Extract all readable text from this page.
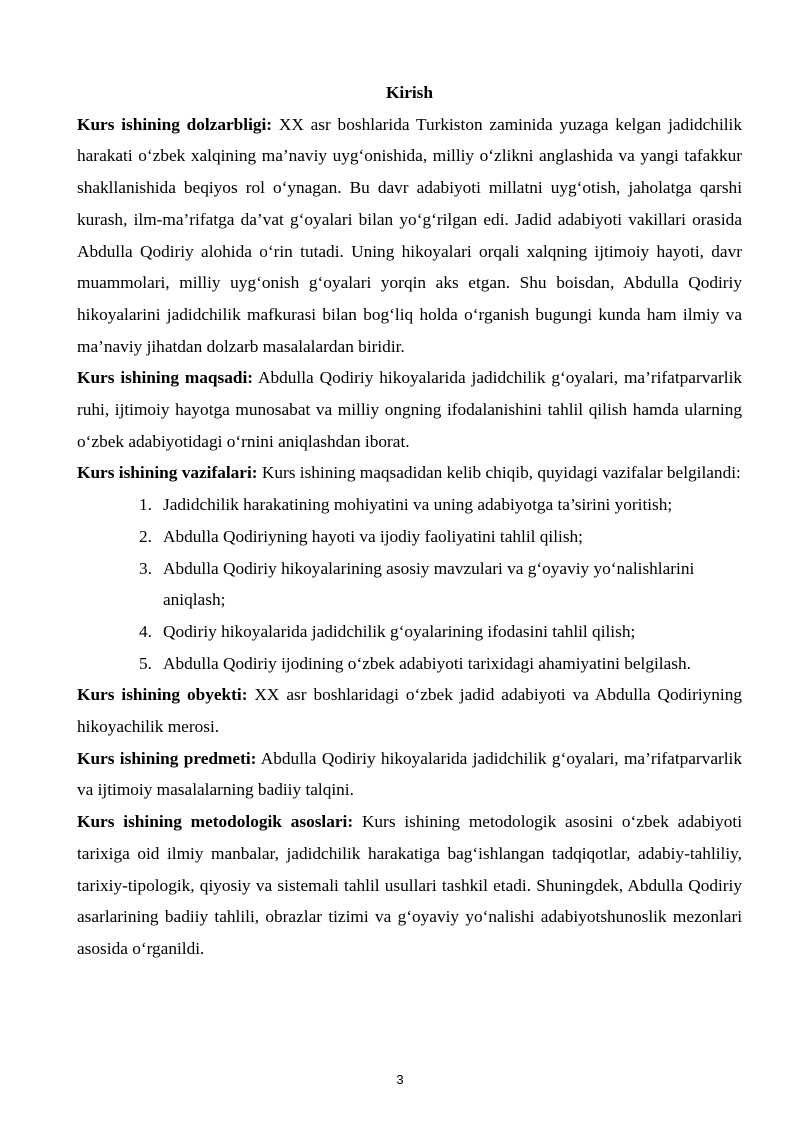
Kirish

Kurs ishining dolzarbligi: XX asr boshlarida Turkiston zaminida yuzaga kelgan jadidchilik harakati o‘zbek xalqining ma’naviy uyg‘onishida, milliy o‘zlikni anglashida va yangi tafakkur shakllanishida beqiyos rol o‘ynagan. Bu davr adabiyoti millatni uyg‘otish, jaholatga qarshi kurash, ilm-ma’rifatga da’vat g‘oyalari bilan yo‘g‘rilgan edi. Jadid adabiyoti vakillari orasida Abdulla Qodiriy alohida o‘rin tutadi. Uning hikoyalari orqali xalqning ijtimoiy hayoti, davr muammolari, milliy uyg‘onish g‘oyalari yorqin aks etgan. Shu boisdan, Abdulla Qodiriy hikoyalarini jadidchilik mafkurasi bilan bog‘liq holda o‘rganish bugungi kunda ham ilmiy va ma’naviy jihatdan dolzarb masalalardan biridir.

Kurs ishining maqsadi: Abdulla Qodiriy hikoyalarida jadidchilik g‘oyalari, ma’rifatparvarlik ruhi, ijtimoiy hayotga munosabat va milliy ongning ifodalanishini tahlil qilish hamda ularning o‘zbek adabiyotidagi o‘rnini aniqlashdan iborat.

Kurs ishining vazifalari: Kurs ishining maqsadidan kelib chiqib, quyidagi vazifalar belgilandi:

1. Jadidchilik harakatining mohiyatini va uning adabiyotga ta’sirini yoritish;
2. Abdulla Qodiriyning hayoti va ijodiy faoliyatini tahlil qilish;
3. Abdulla Qodiriy hikoyalarining asosiy mavzulari va g‘oyaviy yo‘nalishlarini aniqlash;
4. Qodiriy hikoyalarida jadidchilik g‘oyalarining ifodasini tahlil qilish;
5. Abdulla Qodiriy ijodining o‘zbek adabiyoti tarixidagi ahamiyatini belgilash.

Kurs ishining obyekti: XX asr boshlaridagi o‘zbek jadid adabiyoti va Abdulla Qodiriyning hikoyachilik merosi.

Kurs ishining predmeti: Abdulla Qodiriy hikoyalarida jadidchilik g‘oyalari, ma’rifatparvarlik va ijtimoiy masalalarning badiiy talqini.

Kurs ishining metodologik asoslari: Kurs ishining metodologik asosini o‘zbek adabiyoti tarixiga oid ilmiy manbalar, jadidchilik harakatiga bag‘ishlangan tadqiqotlar, adabiy-tahliliy, tarixiy-tipologik, qiyosiy va sistemali tahlil usullari tashkil etadi. Shuningdek, Abdulla Qodiriy asarlarining badiiy tahlili, obrazlar tizimi va g‘oyaviy yo‘nalishi adabiyotshunoslik mezonlari asosida o‘rganildi.

3
